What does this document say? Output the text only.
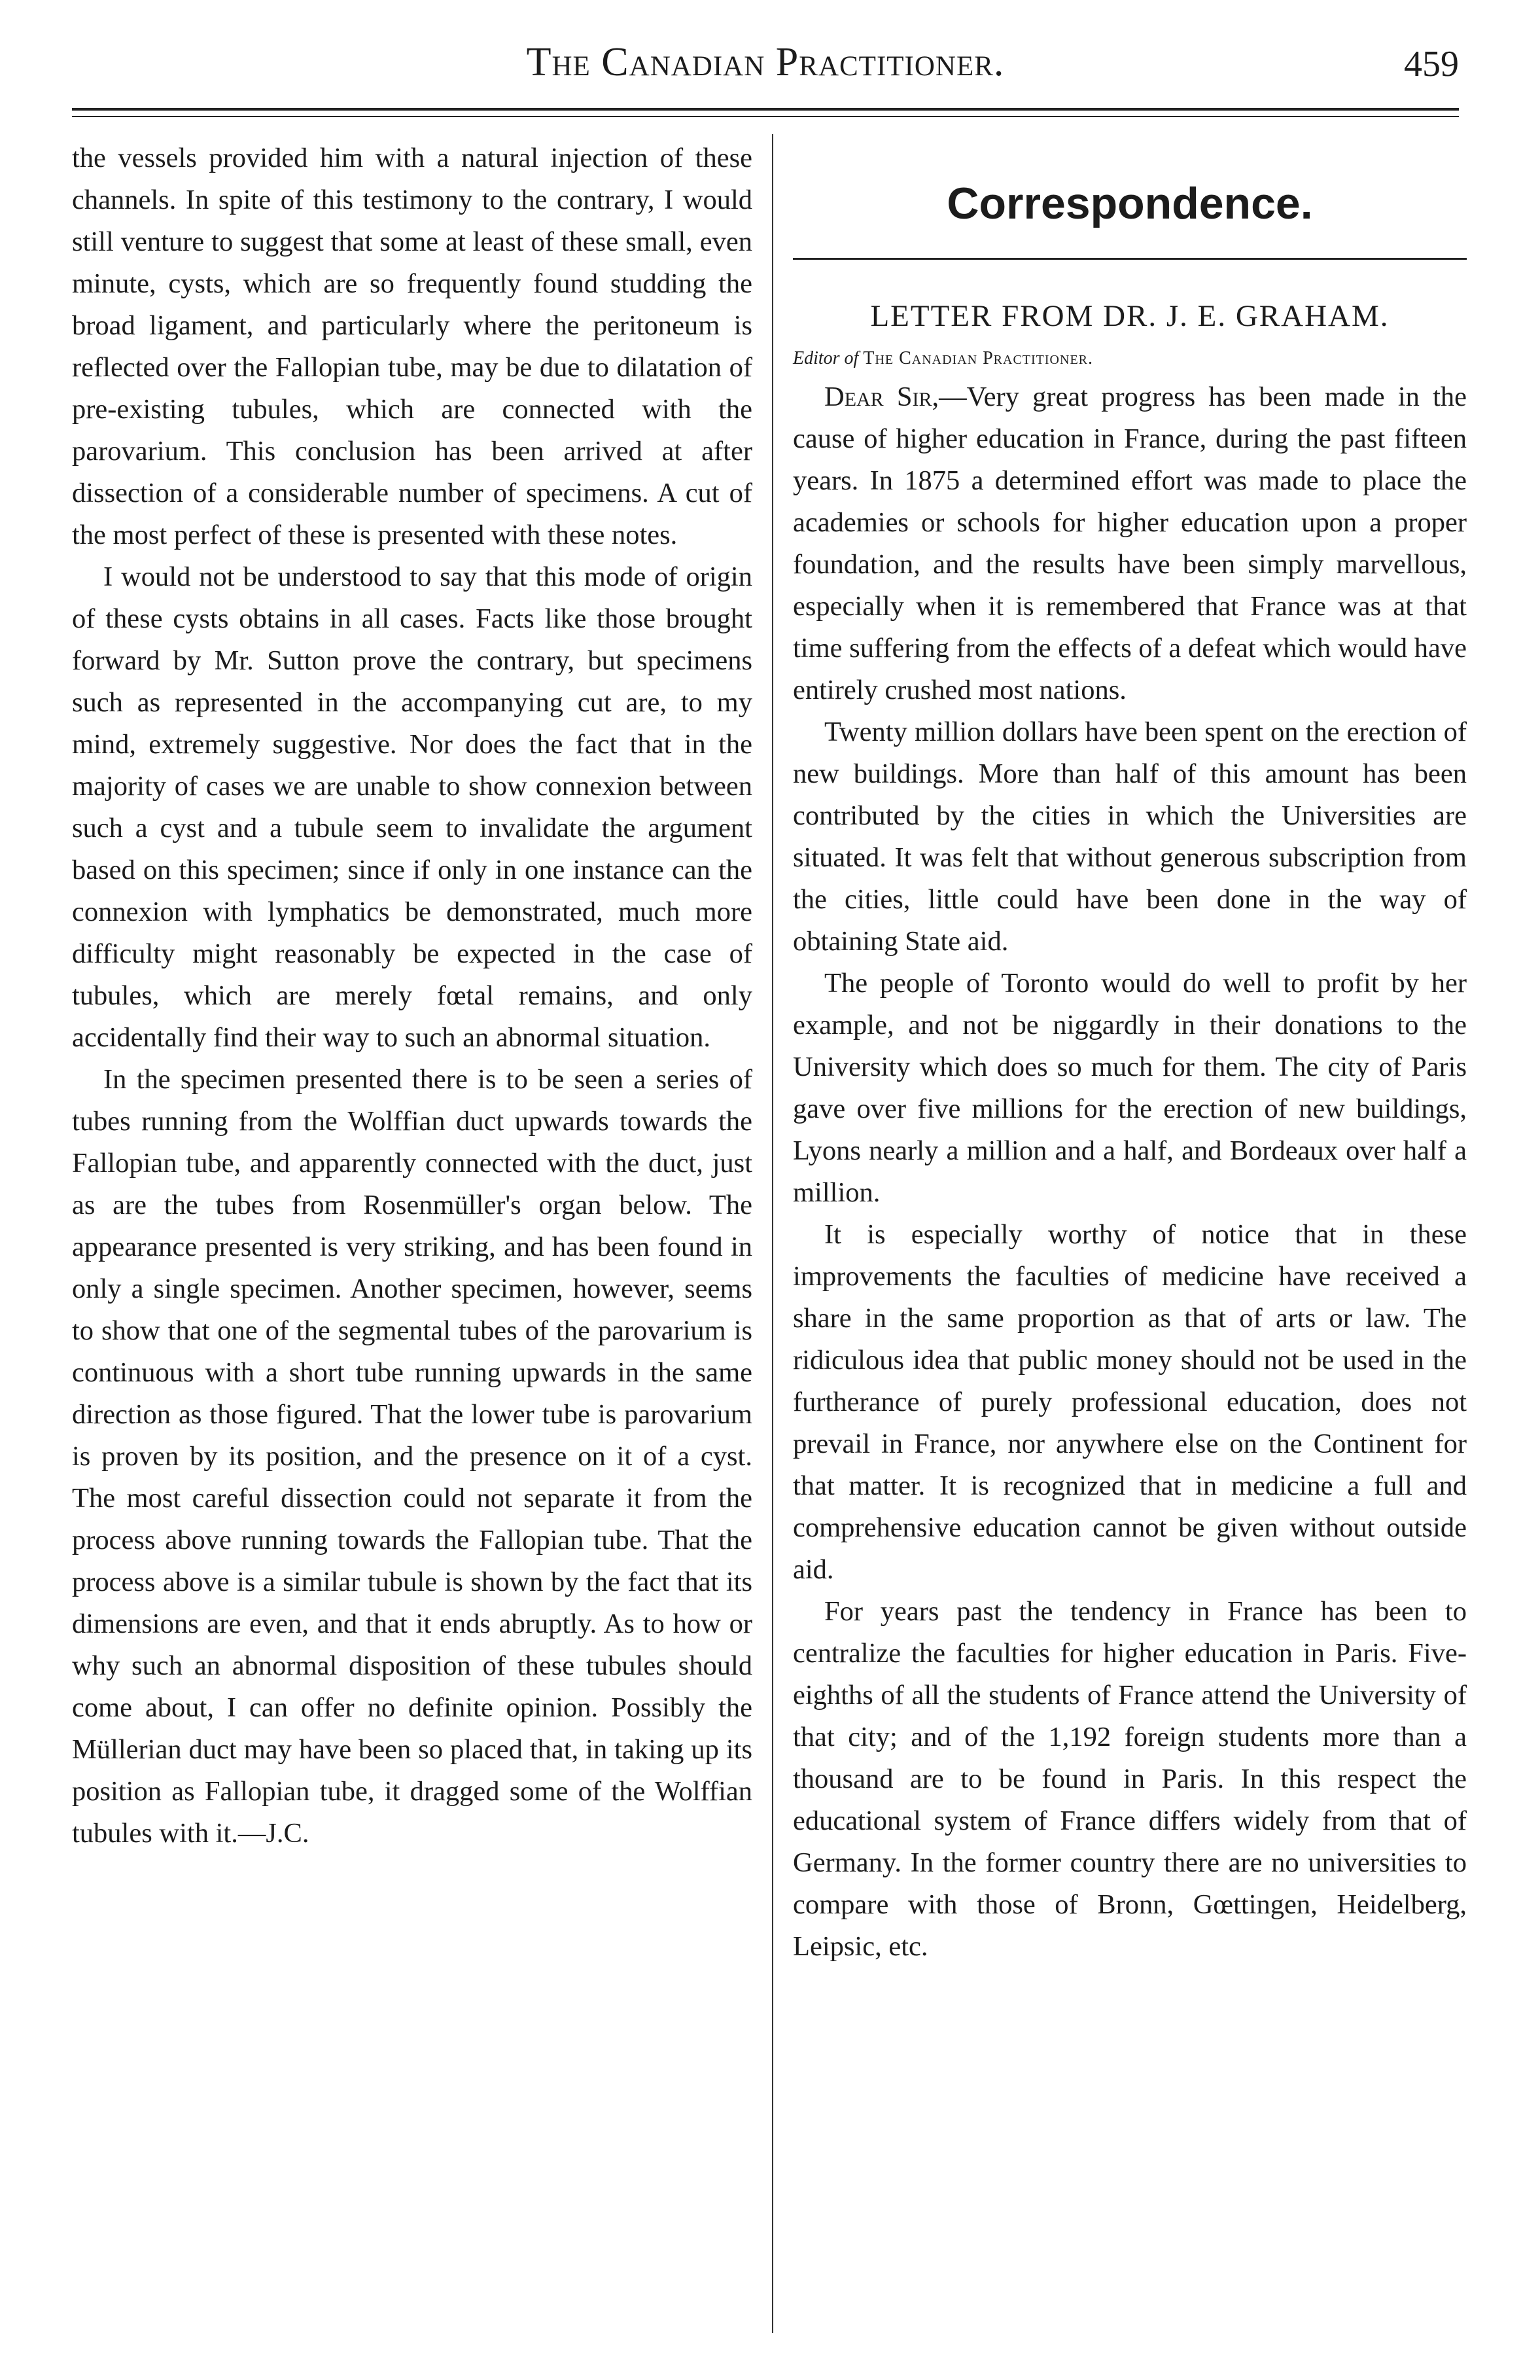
The Canadian Practitioner.	459

the vessels provided him with a natural injection of these channels. In spite of this testimony to the contrary, I would still venture to suggest that some at least of these small, even minute, cysts, which are so frequently found studding the broad ligament, and particularly where the peritoneum is reflected over the Fallopian tube, may be due to dilatation of pre-existing tubules, which are connected with the parovarium. This conclusion has been arrived at after dissection of a considerable number of specimens. A cut of the most perfect of these is presented with these notes.

I would not be understood to say that this mode of origin of these cysts obtains in all cases. Facts like those brought forward by Mr. Sutton prove the contrary, but specimens such as represented in the accompanying cut are, to my mind, extremely suggestive. Nor does the fact that in the majority of cases we are unable to show connexion between such a cyst and a tubule seem to invalidate the argument based on this specimen; since if only in one instance can the connexion with lymphatics be demonstrated, much more difficulty might reasonably be expected in the case of tubules, which are merely fœtal remains, and only accidentally find their way to such an abnormal situation.

In the specimen presented there is to be seen a series of tubes running from the Wolffian duct upwards towards the Fallopian tube, and apparently connected with the duct, just as are the tubes from Rosenmüller's organ below. The appearance presented is very striking, and has been found in only a single specimen. Another specimen, however, seems to show that one of the segmental tubes of the parovarium is continuous with a short tube running upwards in the same direction as those figured. That the lower tube is parovarium is proven by its position, and the presence on it of a cyst. The most careful dissection could not separate it from the process above running towards the Fallopian tube. That the process above is a similar tubule is shown by the fact that its dimensions are even, and that it ends abruptly. As to how or why such an abnormal disposition of these tubules should come about, I can offer no definite opinion. Possibly the Müllerian duct may have been so placed that, in taking up its position as Fallopian tube, it dragged some of the Wolffian tubules with it.—J.C.

Correspondence.
LETTER FROM DR. J. E. GRAHAM.
Editor of The Canadian Practitioner.

Dear Sir,—Very great progress has been made in the cause of higher education in France, during the past fifteen years. In 1875 a determined effort was made to place the academies or schools for higher education upon a proper foundation, and the results have been simply marvellous, especially when it is remembered that France was at that time suffering from the effects of a defeat which would have entirely crushed most nations.

Twenty million dollars have been spent on the erection of new buildings. More than half of this amount has been contributed by the cities in which the Universities are situated. It was felt that without generous subscription from the cities, little could have been done in the way of obtaining State aid.

The people of Toronto would do well to profit by her example, and not be niggardly in their donations to the University which does so much for them. The city of Paris gave over five millions for the erection of new buildings, Lyons nearly a million and a half, and Bordeaux over half a million.

It is especially worthy of notice that in these improvements the faculties of medicine have received a share in the same proportion as that of arts or law. The ridiculous idea that public money should not be used in the furtherance of purely professional education, does not prevail in France, nor anywhere else on the Continent for that matter. It is recognized that in medicine a full and comprehensive education cannot be given without outside aid.

For years past the tendency in France has been to centralize the faculties for higher education in Paris. Five-eighths of all the students of France attend the University of that city; and of the 1,192 foreign students more than a thousand are to be found in Paris. In this respect the educational system of France differs widely from that of Germany. In the former country there are no universities to compare with those of Bronn, Gœttingen, Heidelberg, Leipsic, etc.
